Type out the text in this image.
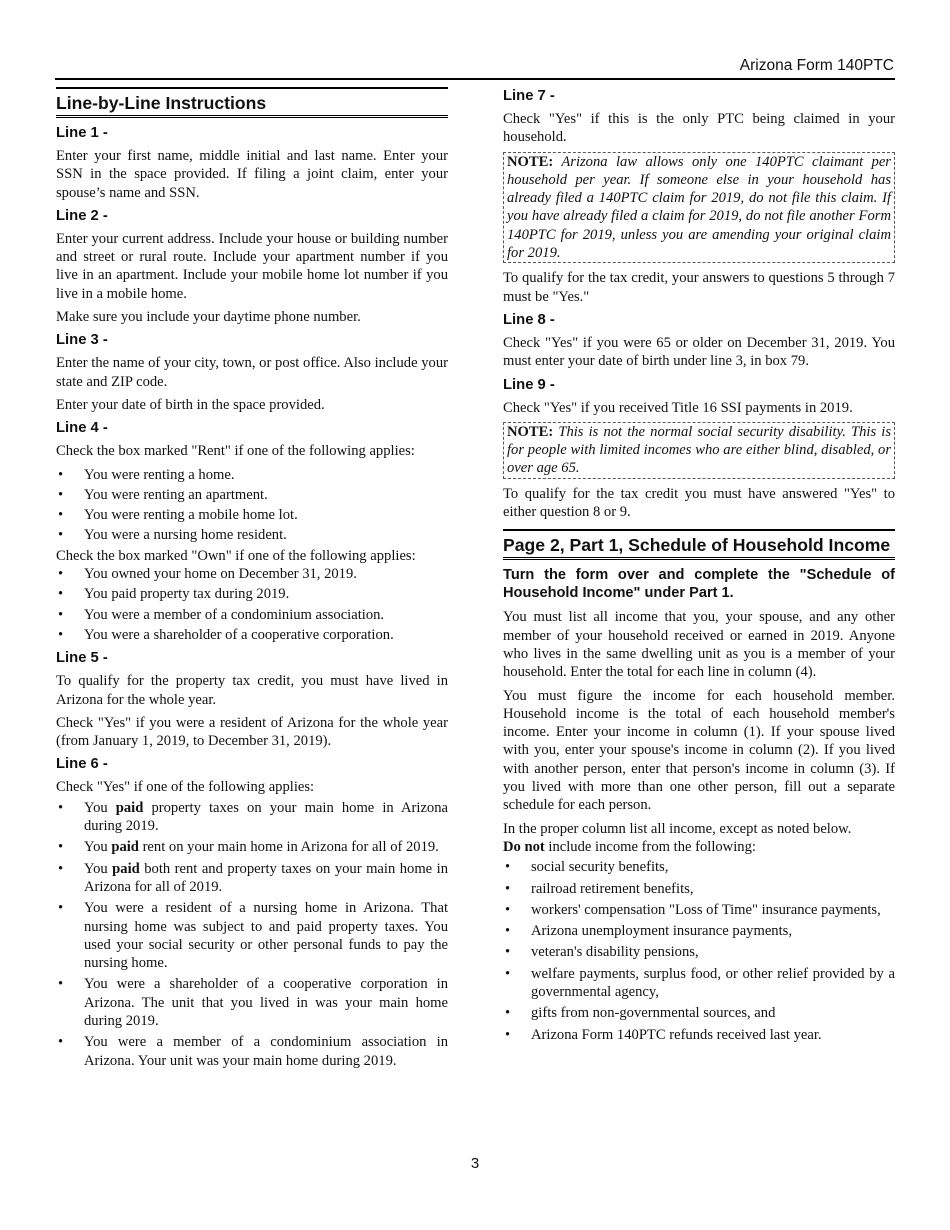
Arizona Form 140PTC
Line-by-Line Instructions
Line 1 -

Enter your first name, middle initial and last name. Enter your SSN in the space provided. If filing a joint claim, enter your spouse’s name and SSN.

Line 2 -

Enter your current address. Include your house or building number and street or rural route. Include your apartment number if you live in an apartment. Include your mobile home lot number if you live in a mobile home.

Make sure you include your daytime phone number.

Line 3 -

Enter the name of your city, town, or post office. Also include your state and ZIP code.

Enter your date of birth in the space provided.

Line 4 -

Check the box marked "Rent" if one of the following applies:

• You were renting a home.
• You were renting an apartment.
• You were renting a mobile home lot.
• You were a nursing home resident.

Check the box marked "Own" if one of the following applies:

• You owned your home on December 31, 2019.
• You paid property tax during 2019.
• You were a member of a condominium association.
• You were a shareholder of a cooperative corporation.
Line 5 -

To qualify for the property tax credit, you must have lived in Arizona for the whole year.

Check "Yes" if you were a resident of Arizona for the whole year (from January 1, 2019, to December 31, 2019).

Line 6 -

Check "Yes" if one of the following applies:

• You paid property taxes on your main home in Arizona during 2019.
• You paid rent on your main home in Arizona for all of 2019.
• You paid both rent and property taxes on your main home in Arizona for all of 2019.
• You were a resident of a nursing home in Arizona. That nursing home was subject to and paid property taxes. You used your social security or other personal funds to pay the nursing home.
• You were a shareholder of a cooperative corporation in Arizona. The unit that you lived in was your main home during 2019.
• You were a member of a condominium association in Arizona. Your unit was your main home during 2019.
Line 7 -

Check "Yes" if this is the only PTC being claimed in your household.

NOTE: Arizona law allows only one 140PTC claimant per household per year. If someone else in your household has already filed a 140PTC claim for 2019, do not file this claim. If you have already filed a claim for 2019, do not file another Form 140PTC for 2019, unless you are amending your original claim for 2019.

To qualify for the tax credit, your answers to questions 5 through 7 must be "Yes."

Line 8 -

Check "Yes" if you were 65 or older on December 31, 2019. You must enter your date of birth under line 3, in box 79.

Line 9 -

Check "Yes" if you received Title 16 SSI payments in 2019.

NOTE: This is not the normal social security disability. This is for people with limited incomes who are either blind, disabled, or over age 65.

To qualify for the tax credit you must have answered "Yes" to either question 8 or 9.

Page 2, Part 1, Schedule of Household Income
Turn the form over and complete the "Schedule of Household Income" under Part 1.

You must list all income that you, your spouse, and any other member of your household received or earned in 2019. Anyone who lives in the same dwelling unit as you is a member of your household. Enter the total for each line in column (4).

You must figure the income for each household member. Household income is the total of each household member's income. Enter your income in column (1). If your spouse lived with you, enter your spouse's income in column (2). If you lived with another person, enter that person's income in column (3). If you lived with more than one other person, fill out a separate schedule for each person.

In the proper column list all income, except as noted below.
Do not include income from the following:

• social security benefits,
• railroad retirement benefits,
• workers' compensation "Loss of Time" insurance payments,
• Arizona unemployment insurance payments,
• veteran's disability pensions,
• welfare payments, surplus food, or other relief provided by a governmental agency,
• gifts from non-governmental sources, and
• Arizona Form 140PTC refunds received last year.
3
